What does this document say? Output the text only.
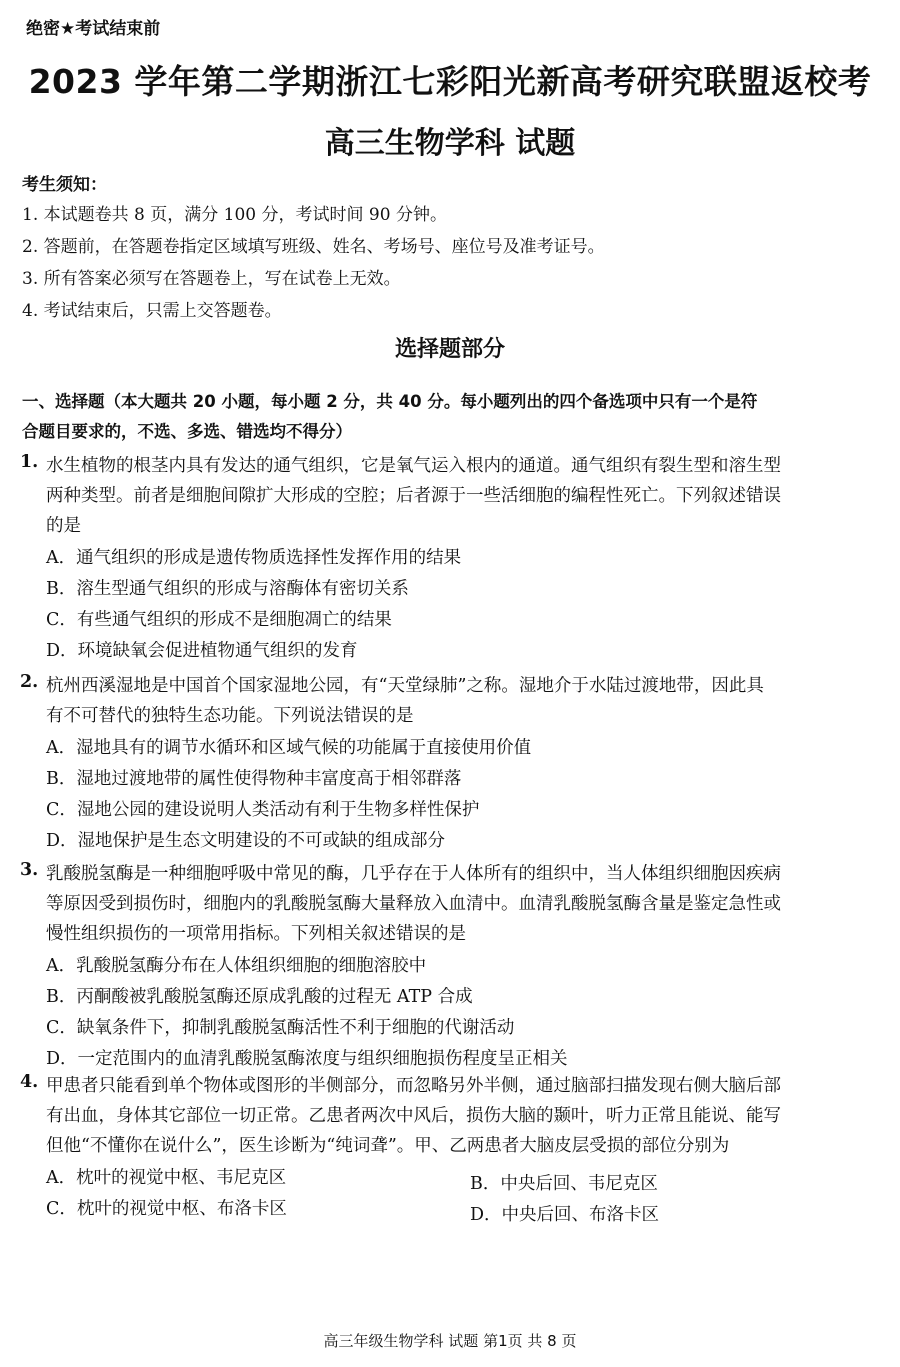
绝密★考试结束前
2023 学年第二学期浙江七彩阳光新高考研究联盟返校考
高三生物学科 试题
考生须知：
1. 本试题卷共 8 页，满分 100 分，考试时间 90 分钟。
2. 答题前，在答题卷指定区域填写班级、姓名、考场号、座位号及准考证号。
3. 所有答案必须写在答题卷上，写在试卷上无效。
4. 考试结束后，只需上交答题卷。
选择题部分
一、选择题（本大题共 20 小题，每小题 2 分，共 40 分。每小题列出的四个备选项中只有一个是符
合题目要求的，不选、多选、错选均不得分）
1. 水生植物的根茎内具有发达的通气组织，它是氧气运入根内的通道。通气组织有裂生型和溶生型
两种类型。前者是细胞间隙扩大形成的空腔；后者源于一些活细胞的编程性死亡。下列叙述错误
的是
A．通气组织的形成是遗传物质选择性发挥作用的结果
B．溶生型通气组织的形成与溶酶体有密切关系
C．有些通气组织的形成不是细胞凋亡的结果
D．环境缺氧会促进植物通气组织的发育
2. 杭州西溪湿地是中国首个国家湿地公园，有“天堂绿肺”之称。湿地介于水陆过渡地带，因此具
有不可替代的独特生态功能。下列说法错误的是
A．湿地具有的调节水循环和区域气候的功能属于直接使用价值
B．湿地过渡地带的属性使得物种丰富度高于相邻群落
C．湿地公园的建设说明人类活动有利于生物多样性保护
D．湿地保护是生态文明建设的不可或缺的组成部分
3. 乳酸脱氢酶是一种细胞呼吸中常见的酶，几乎存在于人体所有的组织中，当人体组织细胞因疾病
等原因受到损伤时，细胞内的乳酸脱氢酶大量释放入血清中。血清乳酸脱氢酶含量是鉴定急性或
慢性组织损伤的一项常用指标。下列相关叙述错误的是
A．乳酸脱氢酶分布在人体组织细胞的细胞溶胶中
B．丙酮酸被乳酸脱氢酶还原成乳酸的过程无 ATP 合成
C．缺氧条件下，抑制乳酸脱氢酶活性不利于细胞的代谢活动
D．一定范围内的血清乳酸脱氢酶浓度与组织细胞损伤程度呈正相关
4. 甲患者只能看到单个物体或图形的半侧部分，而忽略另外半侧，通过脑部扫描发现右侧大脑后部
有出血，身体其它部位一切正常。乙患者两次中风后，损伤大脑的颞叶，听力正常且能说、能写
但他“不懂你在说什么”，医生诊断为“纯词聋”。甲、乙两患者大脑皮层受损的部位分别为
A．枕叶的视觉中枢、韦尼克区	B．中央后回、韦尼克区
C．枕叶的视觉中枢、布洛卡区	D．中央后回、布洛卡区
高三年级生物学科 试题 第1页 共 8 页
